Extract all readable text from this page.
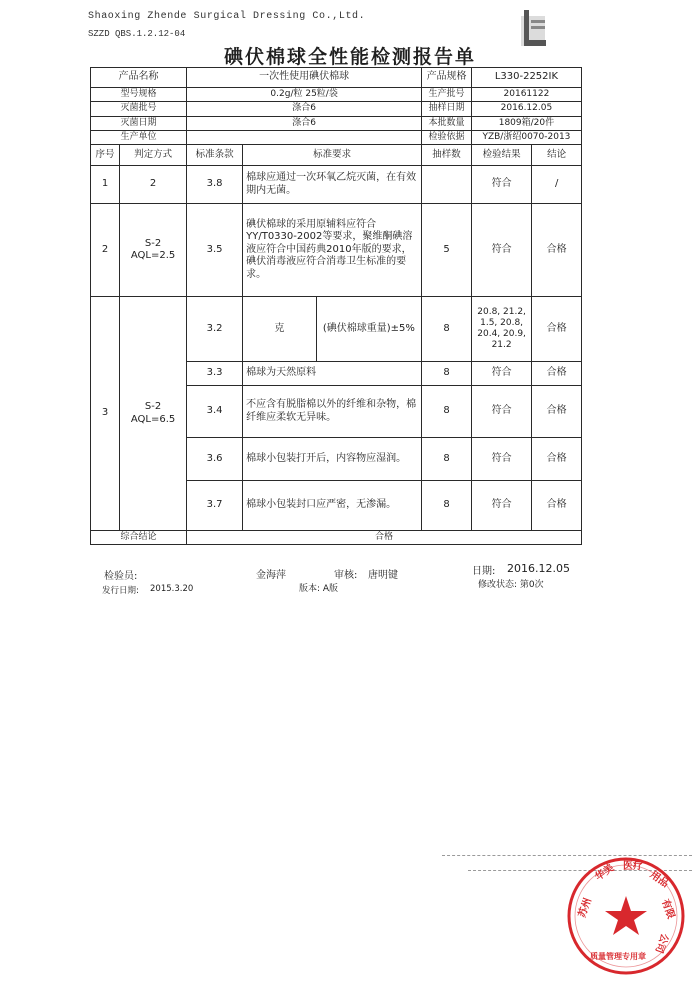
Shaoxing Zhende Surgical Dressing Co.,Ltd.
SZZD QBS.1.2.12-04
碘伏棉球全性能检测报告单
产品名称		一次性使用碘伏棉球			产品规格	L330-2252IK	
型号规格		0.2g/粒 25粒/袋			生产批号	20161122	
灭菌批号		涤合6			抽样日期	2016.12.05	
灭菌日期		涤合6			本批数量	1809箱/20件	
生产单位					检验依据	YZB/浙绍0070-2013	
序号	判定方式	标准条款	标准要求		抽样数	检验结果	结论
1	2	3.8	棉球应通过一次环氧乙烷灭菌，在有效期内无菌。			符合	/
2	S-2 AQL=2.5	3.5	碘伏棉球的采用原辅料应符合YY/T0330-2002等要求，聚维酮碘溶液应符合中国药典2010年版的要求，碘伏消毒液应符合消毒卫生标准的要求。		5	符合	合格
3	S-2 AQL=6.5	3.2	克	(碘伏棉球重量)±5%	8	20.8, 21.2, 1.5, 20.8, 20.4, 20.9, 21.2	合格
		3.3	棉球为天然原料		8	符合	合格
		3.4	不应含有脱脂棉以外的纤维和杂物，棉纤维应柔软无异味。		8	符合	合格
		3.6	棉球小包装打开后，内容物应湿润。		8	符合	合格
		3.7	棉球小包装封口应严密，无渗漏。		8	符合	合格
综合结论		合格					
检验员:	金海萍	审核: 唐明键	日期: 2016.12.05
发行日期: 2015.3.20	版本: A版	修改状态: 第0次
苏州
华美 医疗
用品
有限
公司
质量管理专用章
